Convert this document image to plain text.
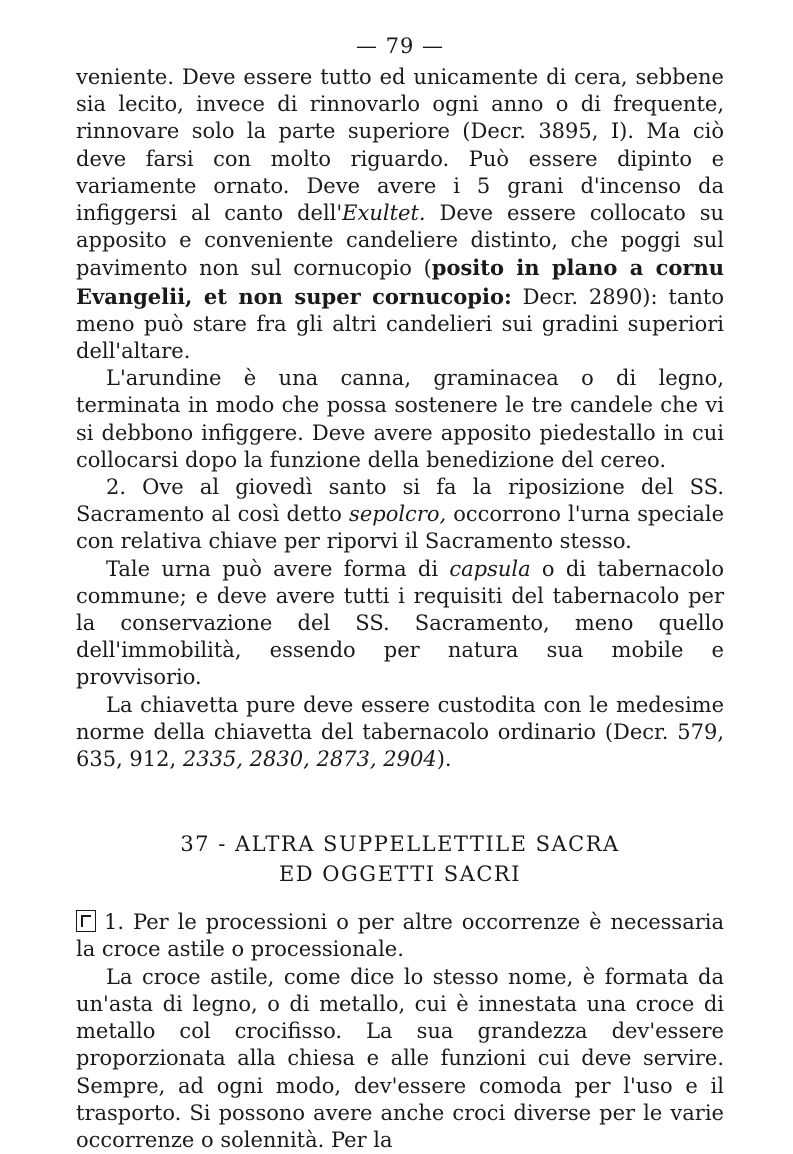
— 79 —

veniente. Deve essere tutto ed unicamente di cera, sebbene sia lecito, invece di rinnovarlo ogni anno o di frequente, rinnovare solo la parte superiore (Decr. 3895, I). Ma ciò deve farsi con molto riguardo. Può essere dipinto e variamente ornato. Deve avere i 5 grani d'incenso da infiggersi al canto dell'Exultet. Deve essere collocato su apposito e conveniente candeliere distinto, che poggi sul pavimento non sul cornucopio (posito in plano a cornu Evangelii, et non super cornucopio: Decr. 2890): tanto meno può stare fra gli altri candelieri sui gradini superiori dell'altare.

L'arundine è una canna, graminacea o di legno, terminata in modo che possa sostenere le tre candele che vi si debbono infiggere. Deve avere apposito piedestallo in cui collocarsi dopo la funzione della benedizione del cereo.

2. Ove al giovedì santo si fa la riposizione del SS. Sacramento al così detto sepolcro, occorrono l'urna speciale con relativa chiave per riporvi il Sacramento stesso.

Tale urna può avere forma di capsula o di tabernacolo commune; e deve avere tutti i requisiti del tabernacolo per la conservazione del SS. Sacramento, meno quello dell'immobilità, essendo per natura sua mobile e provvisorio.

La chiavetta pure deve essere custodita con le medesime norme della chiavetta del tabernacolo ordinario (Decr. 579, 635, 912, 2335, 2830, 2873, 2904).

37 - ALTRA SUPPELLETTILE SACRA
ED OGGETTI SACRI

1. Per le processioni o per altre occorrenze è necessaria la croce astile o processionale.

La croce astile, come dice lo stesso nome, è formata da un'asta di legno, o di metallo, cui è innestata una croce di metallo col crocifisso. La sua grandezza dev'essere proporzionata alla chiesa e alle funzioni cui deve servire. Sempre, ad ogni modo, dev'essere comoda per l'uso e il trasporto. Si possono avere anche croci diverse per le varie occorrenze o solennità. Per la
